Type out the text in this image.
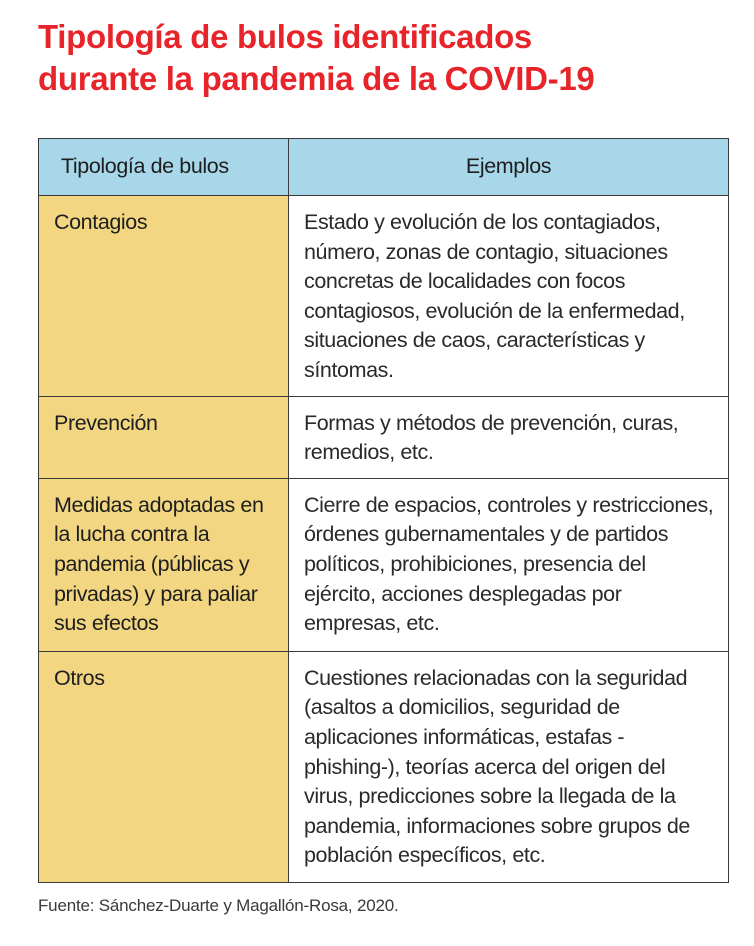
Tipología de bulos identificados
durante la pandemia de la COVID-19
Tipología de bulos	Ejemplos
Contagios	Estado y evolución de los contagiados, número, zonas de contagio, situaciones concretas de localidades con focos contagiosos, evolución de la enfermedad, situaciones de caos, características y síntomas.
Prevención	Formas y métodos de prevención, curas, remedios, etc.
Medidas adoptadas en la lucha contra la pandemia (públicas y privadas) y para paliar sus efectos	Cierre de espacios, controles y restricciones, órdenes gubernamentales y de partidos políticos, prohibiciones, presencia del ejército, acciones desplegadas por empresas, etc.
Otros	Cuestiones relacionadas con la seguridad (asaltos a domicilios, seguridad de aplicaciones informáticas, estafas -phishing-), teorías acerca del origen del virus, predicciones sobre la llegada de la pandemia, informaciones sobre grupos de población específicos, etc.

Fuente: Sánchez-Duarte y Magallón-Rosa, 2020.
